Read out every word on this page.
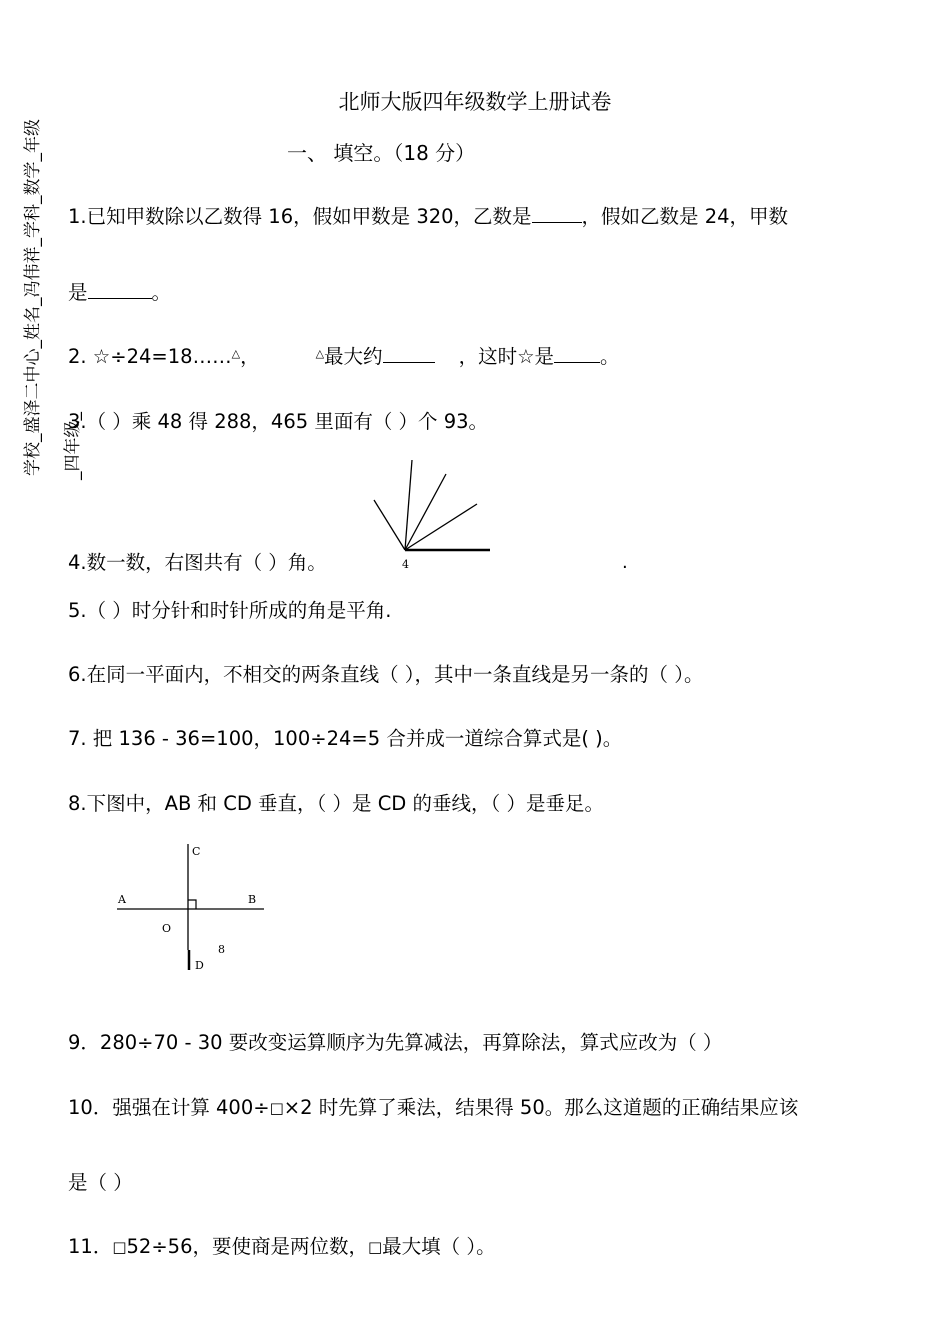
学校_盛泽二中心_姓名_冯伟祥_学科_数学_年级 _四年级_
北师大版四年级数学上册试卷
一、 填空。（18 分）
1.已知甲数除以乙数得 16，假如甲数是 320，乙数是	，假如乙数是 24，甲数
是	。
2. ☆÷24=18……△，	△最大约	，这时☆是 。
3.（ ）乘 48 得 288，465 里面有（ ）个 93。
4
4.数一数，右图共有（ ）角。	.
5.（ ）时分针和时针所成的角是平角.
6.在同一平面内，不相交的两条直线（ ），其中一条直线是另一条的（ ）。
7. 把 136 - 36=100，100÷24=5 合并成一道综合算式是( )。
8.下图中，AB 和 CD 垂直，（ ）是 CD 的垂线，（ ）是垂足。
A	B
C
D
O
8
9．280÷70 - 30 要改变运算顺序为先算减法，再算除法，算式应改为（ ）
10．强强在计算 400÷□×2 时先算了乘法，结果得 50。那么这道题的正确结果应该
是（ ）
11．□52÷56，要使商是两位数，□最大填（ ）。
